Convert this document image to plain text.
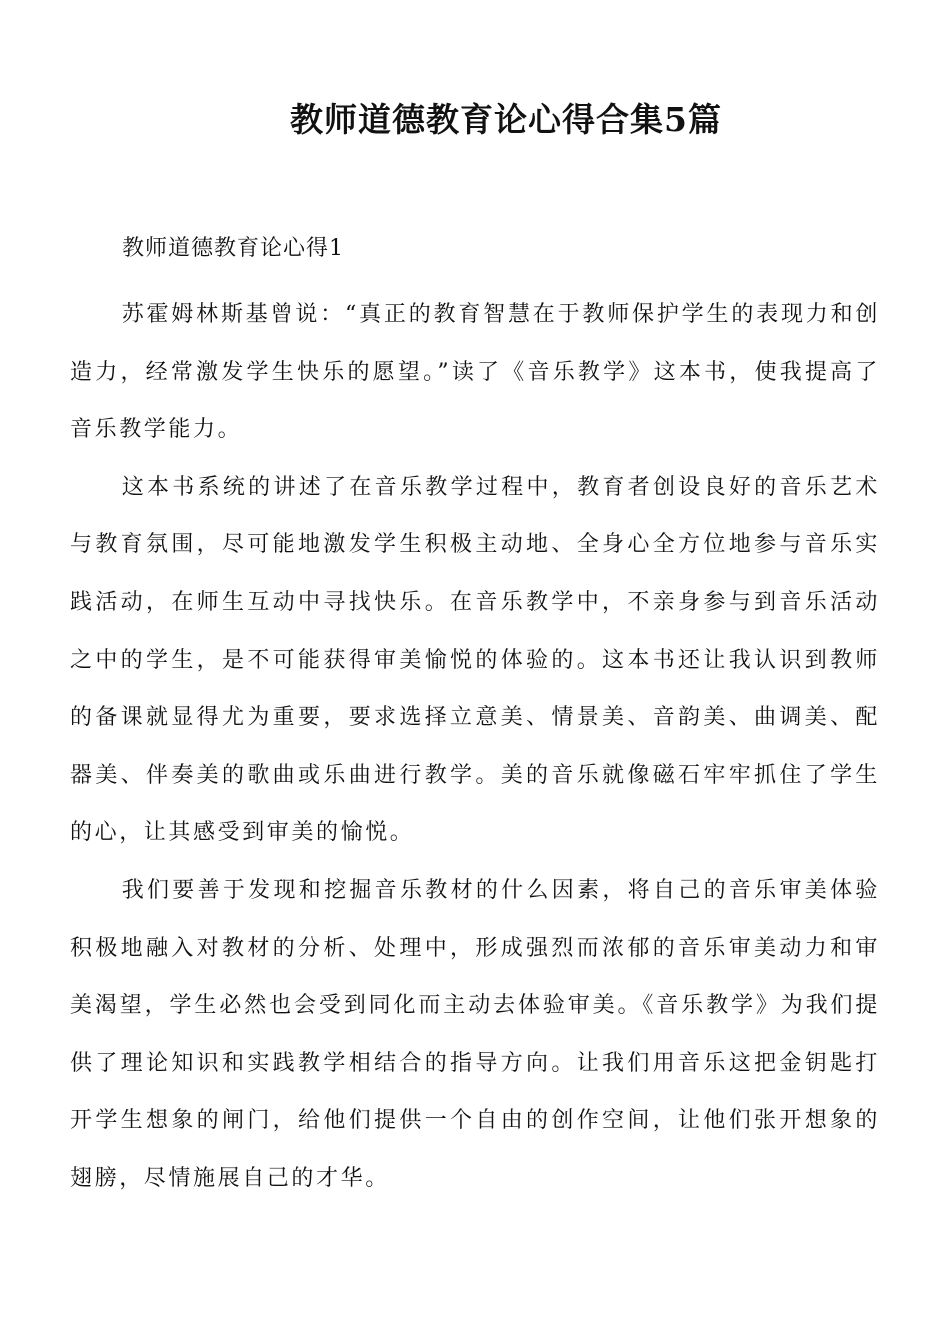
教师道德教育论心得合集5篇
教师道德教育论心得1

苏霍姆林斯基曾说：“真正的教育智慧在于教师保护学生的表现力和创造力，经常激发学生快乐的愿望。”读了《音乐教学》这本书，使我提高了音乐教学能力。

这本书系统的讲述了在音乐教学过程中，教育者创设良好的音乐艺术与教育氛围，尽可能地激发学生积极主动地、全身心全方位地参与音乐实践活动，在师生互动中寻找快乐。在音乐教学中，不亲身参与到音乐活动之中的学生，是不可能获得审美愉悦的体验的。这本书还让我认识到教师的备课就显得尤为重要，要求选择立意美、情景美、音韵美、曲调美、配器美、伴奏美的歌曲或乐曲进行教学。美的音乐就像磁石牢牢抓住了学生的心，让其感受到审美的愉悦。

我们要善于发现和挖掘音乐教材的什么因素，将自己的音乐审美体验积极地融入对教材的分析、处理中，形成强烈而浓郁的音乐审美动力和审美渴望，学生必然也会受到同化而主动去体验审美。《音乐教学》为我们提供了理论知识和实践教学相结合的指导方向。让我们用音乐这把金钥匙打开学生想象的闸门，给他们提供一个自由的创作空间，让他们张开想象的翅膀，尽情施展自己的才华。
